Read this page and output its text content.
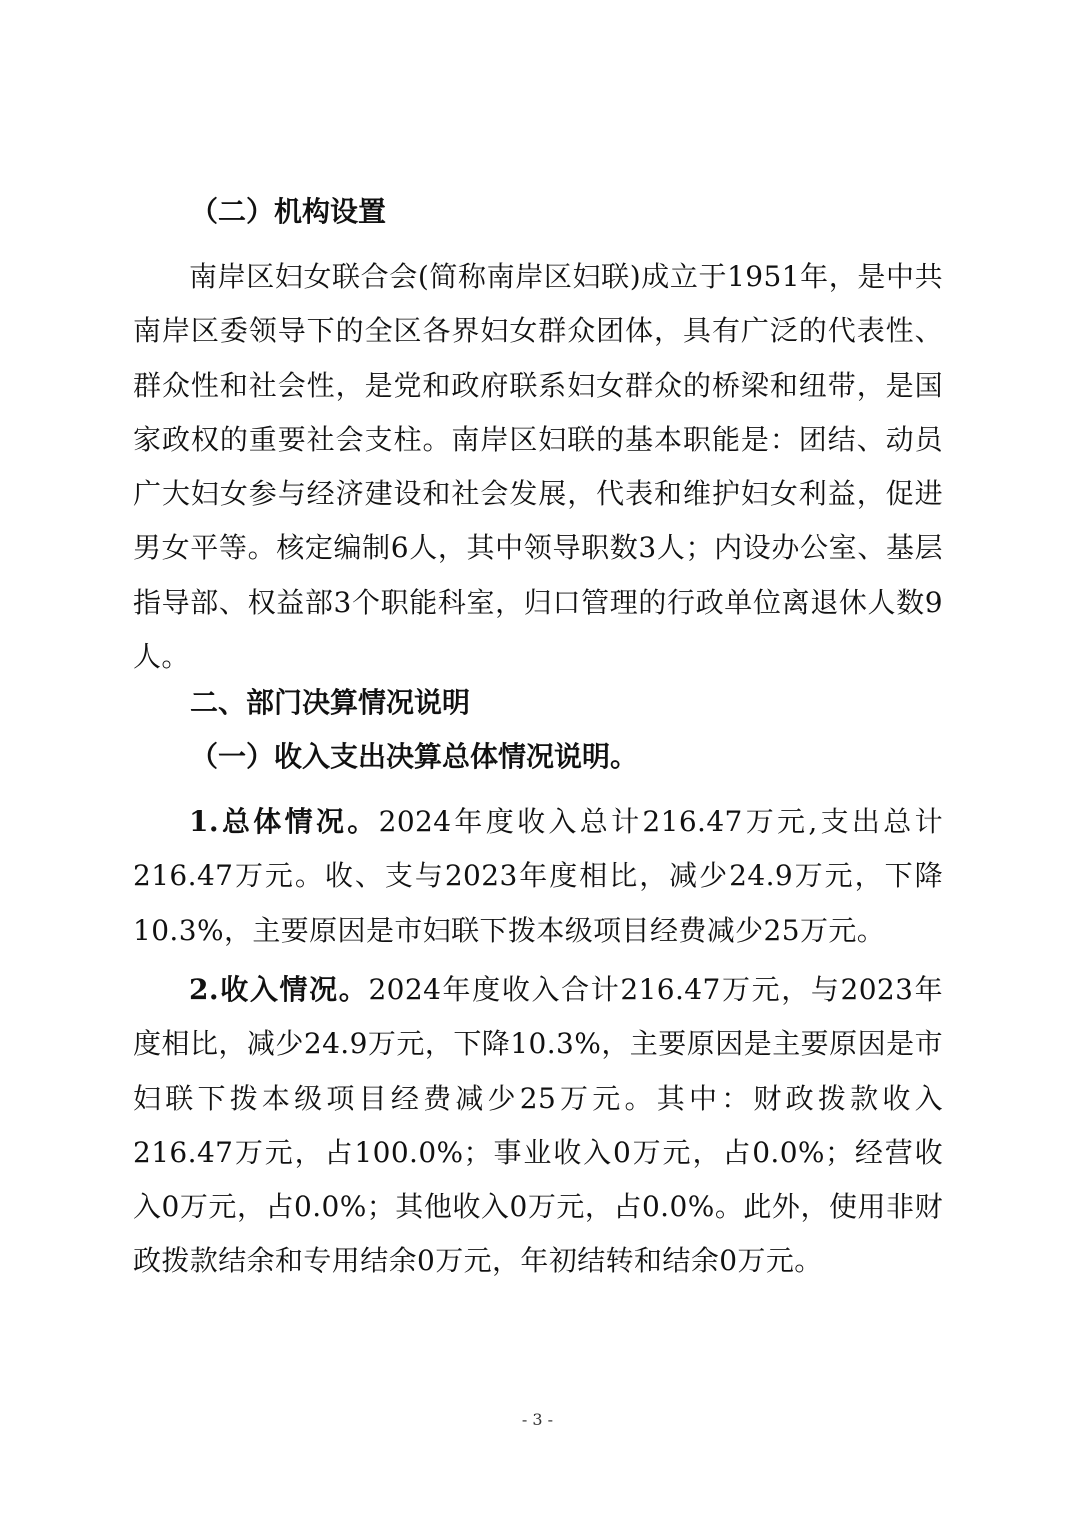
（二）机构设置
南岸区妇女联合会(简称南岸区妇联)成立于1951年，是中共南岸区委领导下的全区各界妇女群众团体，具有广泛的代表性、群众性和社会性，是党和政府联系妇女群众的桥梁和纽带，是国家政权的重要社会支柱。南岸区妇联的基本职能是：团结、动员广大妇女参与经济建设和社会发展，代表和维护妇女利益，促进男女平等。核定编制6人，其中领导职数3人；内设办公室、基层指导部、权益部3个职能科室，归口管理的行政单位离退休人数9人。
二、部门决算情况说明
（一）收入支出决算总体情况说明。
1.总体情况。2024年度收入总计216.47万元,支出总计216.47万元。收、支与2023年度相比，减少24.9万元，下降10.3%，主要原因是市妇联下拨本级项目经费减少25万元。
2.收入情况。2024年度收入合计216.47万元，与2023年度相比，减少24.9万元，下降10.3%，主要原因是主要原因是市妇联下拨本级项目经费减少25万元。其中：财政拨款收入216.47万元，占100.0%；事业收入0万元，占0.0%；经营收入0万元，占0.0%；其他收入0万元，占0.0%。此外，使用非财政拨款结余和专用结余0万元，年初结转和结余0万元。
- 3 -
